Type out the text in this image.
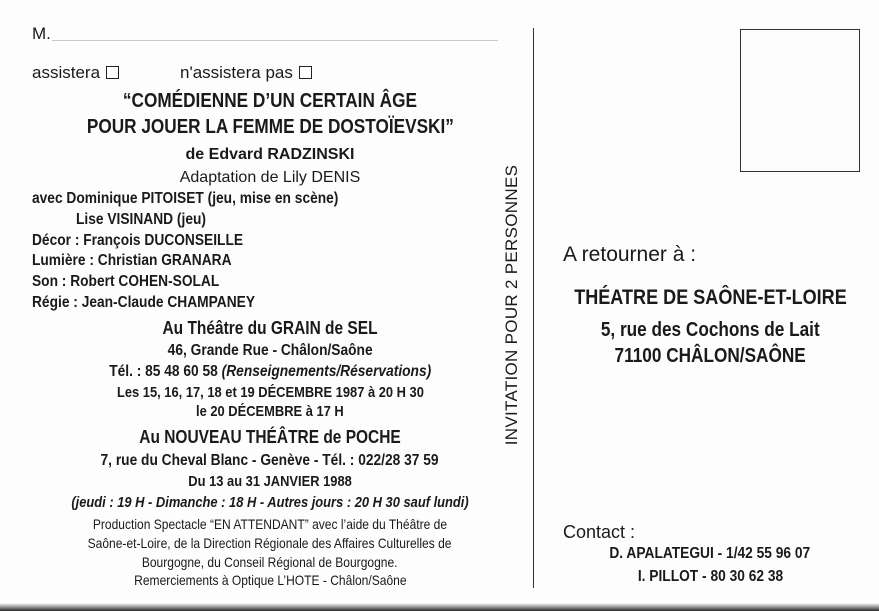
M.
assistera	n'assistera pas
“COMÉDIENNE D’UN CERTAIN ÂGE
POUR JOUER LA FEMME DE DOSTOÏEVSKI”
de Edvard RADZINSKI
Adaptation de Lily DENIS
avec Dominique PITOISET (jeu, mise en scène)
Lise VISINAND (jeu)
Décor : François DUCONSEILLE
Lumière : Christian GRANARA
Son : Robert COHEN-SOLAL
Régie : Jean-Claude CHAMPANEY
Au Théâtre du GRAIN de SEL
46, Grande Rue - Châlon/Saône
Tél. : 85 48 60 58 (Renseignements/Réservations)
Les 15, 16, 17, 18 et 19 DÉCEMBRE 1987 à 20 H 30
le 20 DÉCEMBRE à 17 H
Au NOUVEAU THÉÂTRE de POCHE
7, rue du Cheval Blanc - Genève - Tél. : 022/28 37 59
Du 13 au 31 JANVIER 1988
(jeudi : 19 H - Dimanche : 18 H - Autres jours : 20 H 30 sauf lundi)
Production Spectacle “EN ATTENDANT” avec l’aide du Théâtre de
Saône-et-Loire, de la Direction Régionale des Affaires Culturelles de
Bourgogne, du Conseil Régional de Bourgogne.
Remerciements à Optique L’HOTE - Châlon/Saône
INVITATION POUR 2 PERSONNES A retourner à :
THÉATRE DE SAÔNE-ET-LOIRE
5, rue des Cochons de Lait
71100 CHÂLON/SAÔNE
Contact :
D. APALATEGUI - 1/42 55 96 07
I. PILLOT - 80 30 62 38
